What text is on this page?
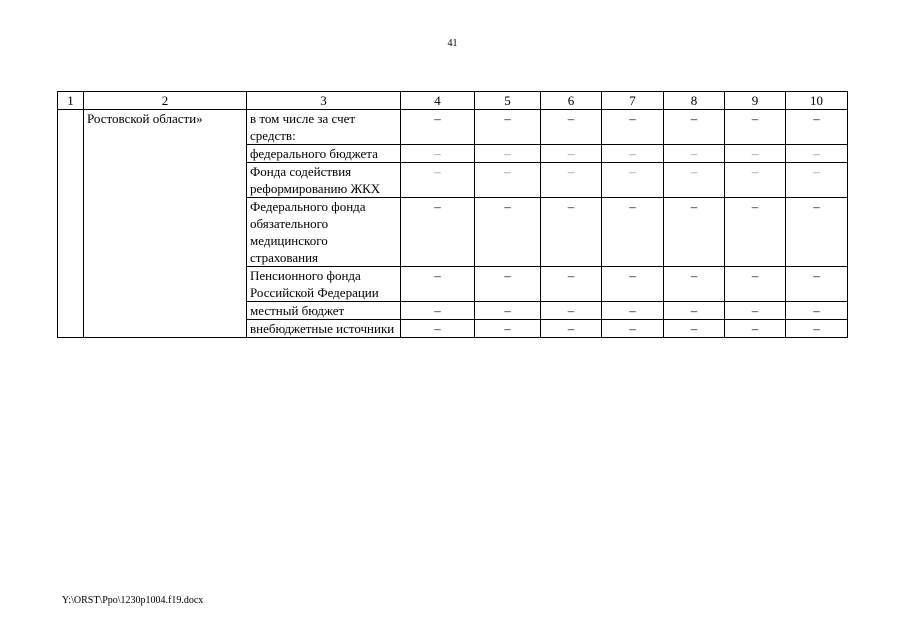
41
1	2	3	4	5	6	7	8	9	10
	Ростовской области»	в том числе за счет средств:	–	–	–	–	–	–	–
		федерального бюджета	–	–	–	–	–	–	–
		Фонда содействия реформированию ЖКХ	–	–	–	–	–	–	–
		Федерального фонда обязательного медицинского страхования	–	–	–	–	–	–	–
		Пенсионного фонда Российской Федерации	–	–	–	–	–	–	–
		местный бюджет	–	–	–	–	–	–	–
		внебюджетные источники	–	–	–	–	–	–	–
Y:\ORST\Ppo\1230p1004.f19.docx
